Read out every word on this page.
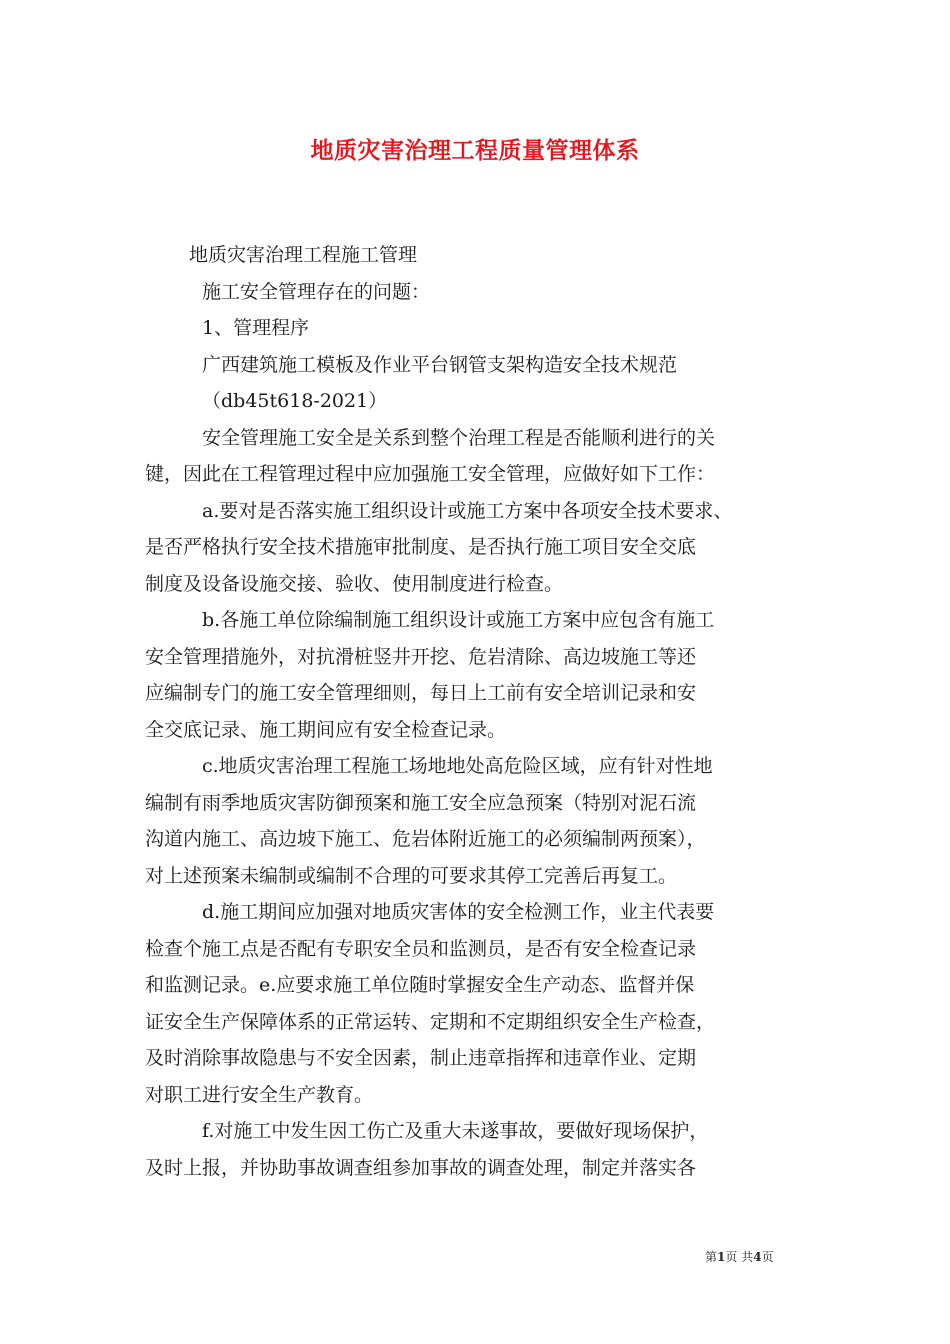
地质灾害治理工程质量管理体系
地质灾害治理工程施工管理
施工安全管理存在的问题：
1、管理程序
广西建筑施工模板及作业平台钢管支架构造安全技术规范
（db45t618-2021）
安全管理施工安全是关系到整个治理工程是否能顺利进行的关
键，因此在工程管理过程中应加强施工安全管理，应做好如下工作：
a.要对是否落实施工组织设计或施工方案中各项安全技术要求、
是否严格执行安全技术措施审批制度、是否执行施工项目安全交底
制度及设备设施交接、验收、使用制度进行检查。
b.各施工单位除编制施工组织设计或施工方案中应包含有施工
安全管理措施外，对抗滑桩竖井开挖、危岩清除、高边坡施工等还
应编制专门的施工安全管理细则，每日上工前有安全培训记录和安
全交底记录、施工期间应有安全检查记录。
c.地质灾害治理工程施工场地地处高危险区域，应有针对性地
编制有雨季地质灾害防御预案和施工安全应急预案（特别对泥石流
沟道内施工、高边坡下施工、危岩体附近施工的必须编制两预案），
对上述预案未编制或编制不合理的可要求其停工完善后再复工。
d.施工期间应加强对地质灾害体的安全检测工作，业主代表要
检查个施工点是否配有专职安全员和监测员，是否有安全检查记录
和监测记录。e.应要求施工单位随时掌握安全生产动态、监督并保
证安全生产保障体系的正常运转、定期和不定期组织安全生产检查，
及时消除事故隐患与不安全因素，制止违章指挥和违章作业、定期
对职工进行安全生产教育。
f.对施工中发生因工伤亡及重大未遂事故，要做好现场保护，
及时上报，并协助事故调查组参加事故的调查处理，制定并落实各
第1页 共4页
